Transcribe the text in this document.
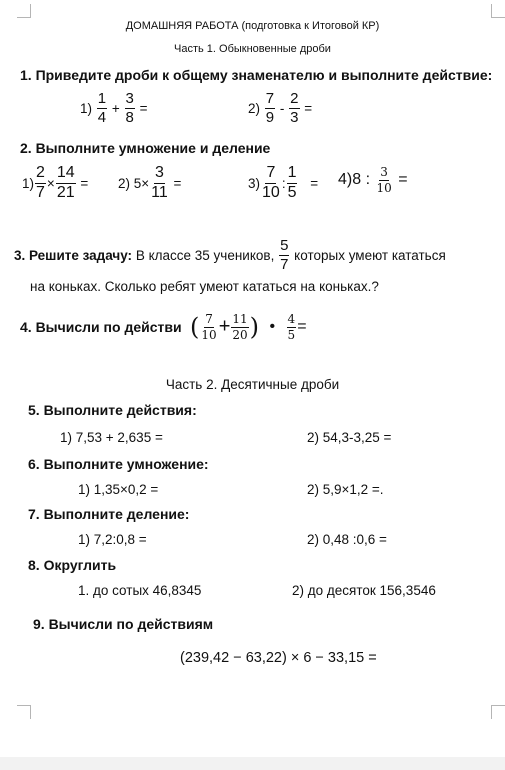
ДОМАШНЯЯ РАБОТА (подготовка к Итоговой КР)
Часть 1. Обыкновенные дроби
1. Приведите дроби к общему знаменателю и выполните действие:
$1) \frac{1}{4} + \frac{3}{8}$ =	$2) \frac{7}{9} - \frac{2}{3}$ =
2. Выполните умножение и деление
$1) \frac{2}{7} \times \frac{14}{21} = 2$) $5\times \frac{3}{11}$ =	$3) \frac{7}{10}$ : $\frac{1}{5} = 4)8$ : $\frac{3}{10}$ =
3. Решите задачу: В классе 35 учеников, $\frac{5}{7}$ которых умеют кататься
на коньках. Сколько ребят умеют кататься на коньках.?
4. Вычисли по действи ( $\frac{7}{10} + \frac{11}{20}$ ) • $\frac{4}{5}$ =
Часть 2. Десятичные дроби
5. Выполните действия:
1) 7,53 + 2,635 =	2) 54,3-3,25 =
6. Выполните умножение:
1) 1,35×0,2 =	2) 5,9×1,2 =.
7. Выполните деление:
1) 7,2:0,8 =	2) 0,48 :0,6 =
8. Округлить
1. до сотых 46,8345	2) до десяток 156,3546
9. Вычисли по действиям
(239,42 − 63,22) × 6 − 33,15 =
